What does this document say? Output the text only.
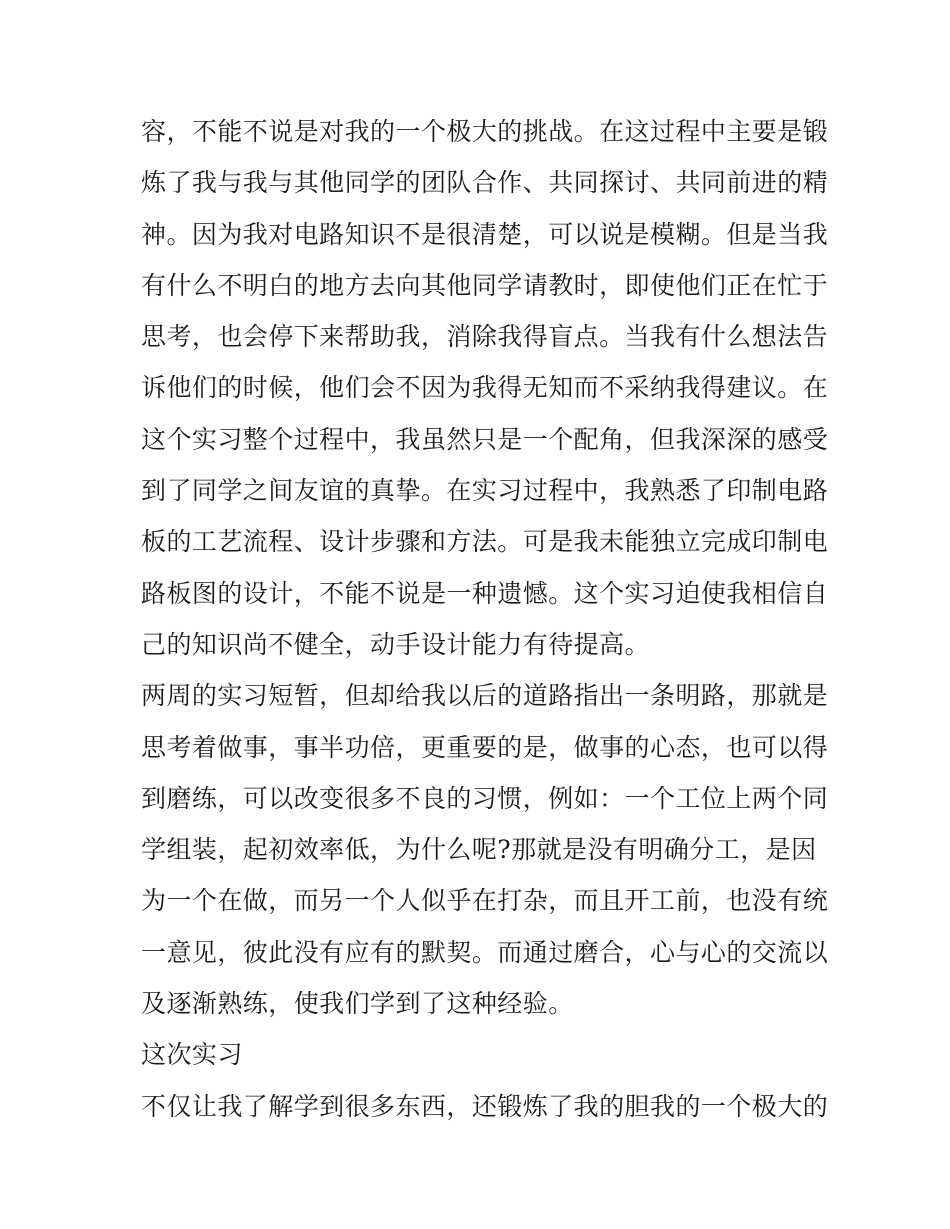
容，不能不说是对我的一个极大的挑战。在这过程中主要是锻
炼了我与我与其他同学的团队合作、共同探讨、共同前进的精
神。因为我对电路知识不是很清楚，可以说是模糊。但是当我
有什么不明白的地方去向其他同学请教时，即使他们正在忙于
思考，也会停下来帮助我，消除我得盲点。当我有什么想法告
诉他们的时候，他们会不因为我得无知而不采纳我得建议。在
这个实习整个过程中，我虽然只是一个配角，但我深深的感受
到了同学之间友谊的真挚。在实习过程中，我熟悉了印制电路
板的工艺流程、设计步骤和方法。可是我未能独立完成印制电
路板图的设计，不能不说是一种遗憾。这个实习迫使我相信自
己的知识尚不健全，动手设计能力有待提高。
两周的实习短暂，但却给我以后的道路指出一条明路，那就是
思考着做事，事半功倍，更重要的是，做事的心态，也可以得
到磨练，可以改变很多不良的习惯，例如：一个工位上两个同
学组装，起初效率低，为什么呢?那就是没有明确分工，是因
为一个在做，而另一个人似乎在打杂，而且开工前，也没有统
一意见，彼此没有应有的默契。而通过磨合，心与心的交流以
及逐渐熟练，使我们学到了这种经验。
这次实习
不仅让我了解学到很多东西，还锻炼了我的胆我的一个极大的
